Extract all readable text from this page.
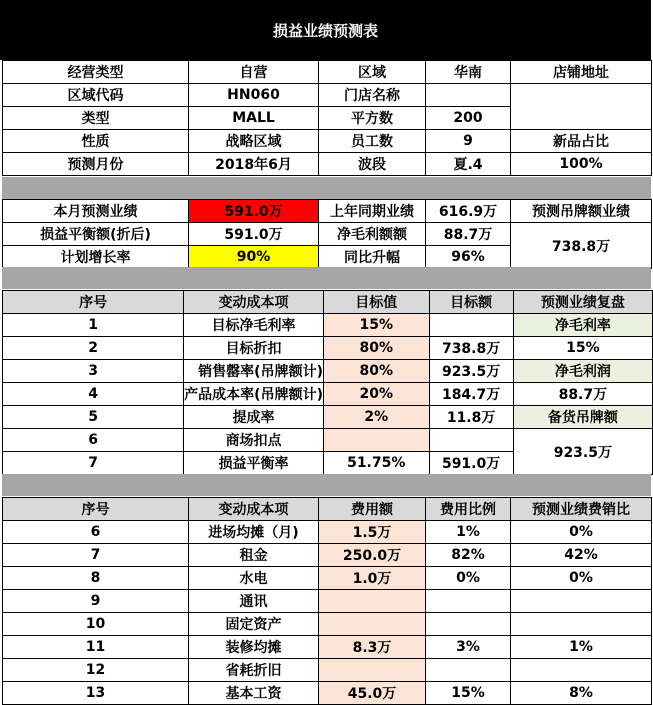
损益业绩预测表
经营类型	自营	区域	华南	店铺地址
区域代码	HN060	门店名称		
类型	MALL	平方数	200	
性质	战略区域	员工数	9	新品占比
预测月份	2018年6月	波段	夏.4	100%
本月预测业绩	591.0万	上年同期业绩	616.9万	预测吊牌额业绩
损益平衡额(折后)	591.0万	净毛利额额	88.7万	738.8万
计划增长率	90%	同比升幅	96%	
序号	变动成本项	目标值	目标额	预测业绩复盘
1	目标净毛利率	15%		净毛利率
2	目标折扣	80%	738.8万	15%
3	销售罄率(吊牌额计)	80%	923.5万	净毛利润
4	产品成本率(吊牌额计)	20%	184.7万	88.7万
5	提成率	2%	11.8万	备货吊牌额
6	商场扣点			923.5万
7	损益平衡率	51.75%	591.0万	
序号	变动成本项	费用额	费用比例	预测业绩费销比
6	进场均摊（月)	1.5万	1%	0%
7	租金	250.0万	82%	42%
8	水电	1.0万	0%	0%
9	通讯			
10	固定资产			
11	装修均摊	8.3万	3%	1%
12	省耗折旧			
13	基本工资	45.0万	15%	8%
